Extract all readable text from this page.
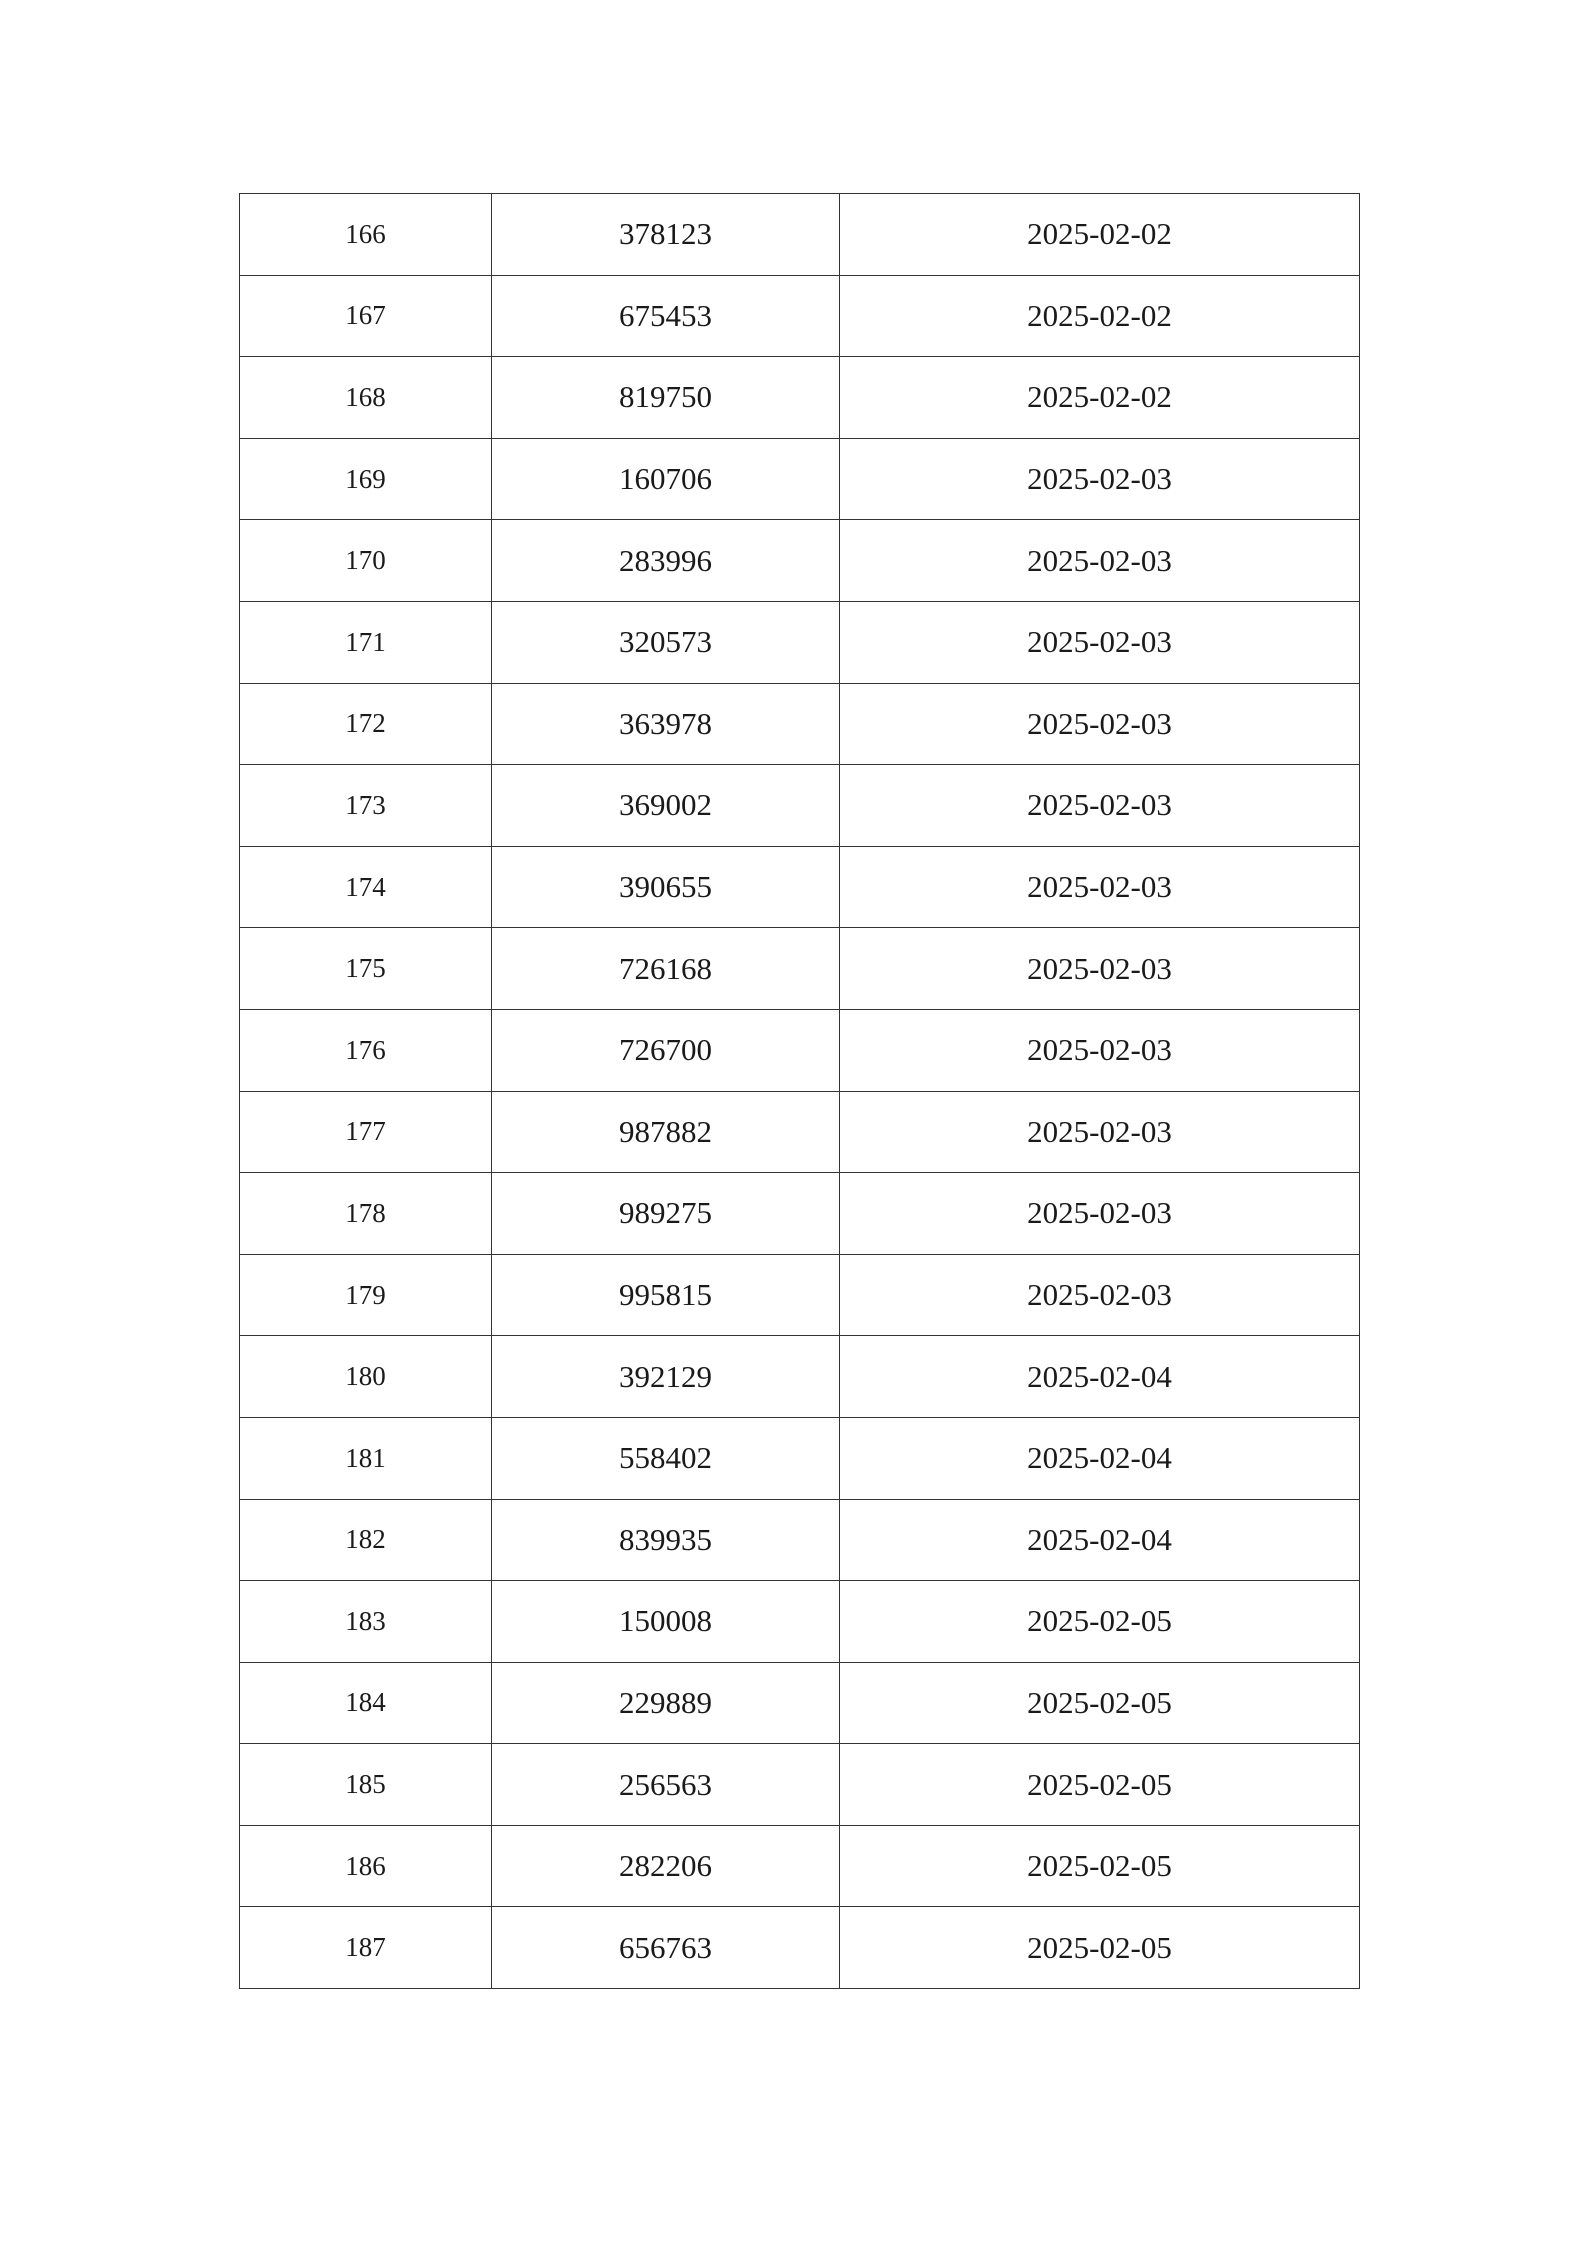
166	378123	2025-02-02
167	675453	2025-02-02
168	819750	2025-02-02
169	160706	2025-02-03
170	283996	2025-02-03
171	320573	2025-02-03
172	363978	2025-02-03
173	369002	2025-02-03
174	390655	2025-02-03
175	726168	2025-02-03
176	726700	2025-02-03
177	987882	2025-02-03
178	989275	2025-02-03
179	995815	2025-02-03
180	392129	2025-02-04
181	558402	2025-02-04
182	839935	2025-02-04
183	150008	2025-02-05
184	229889	2025-02-05
185	256563	2025-02-05
186	282206	2025-02-05
187	656763	2025-02-05
